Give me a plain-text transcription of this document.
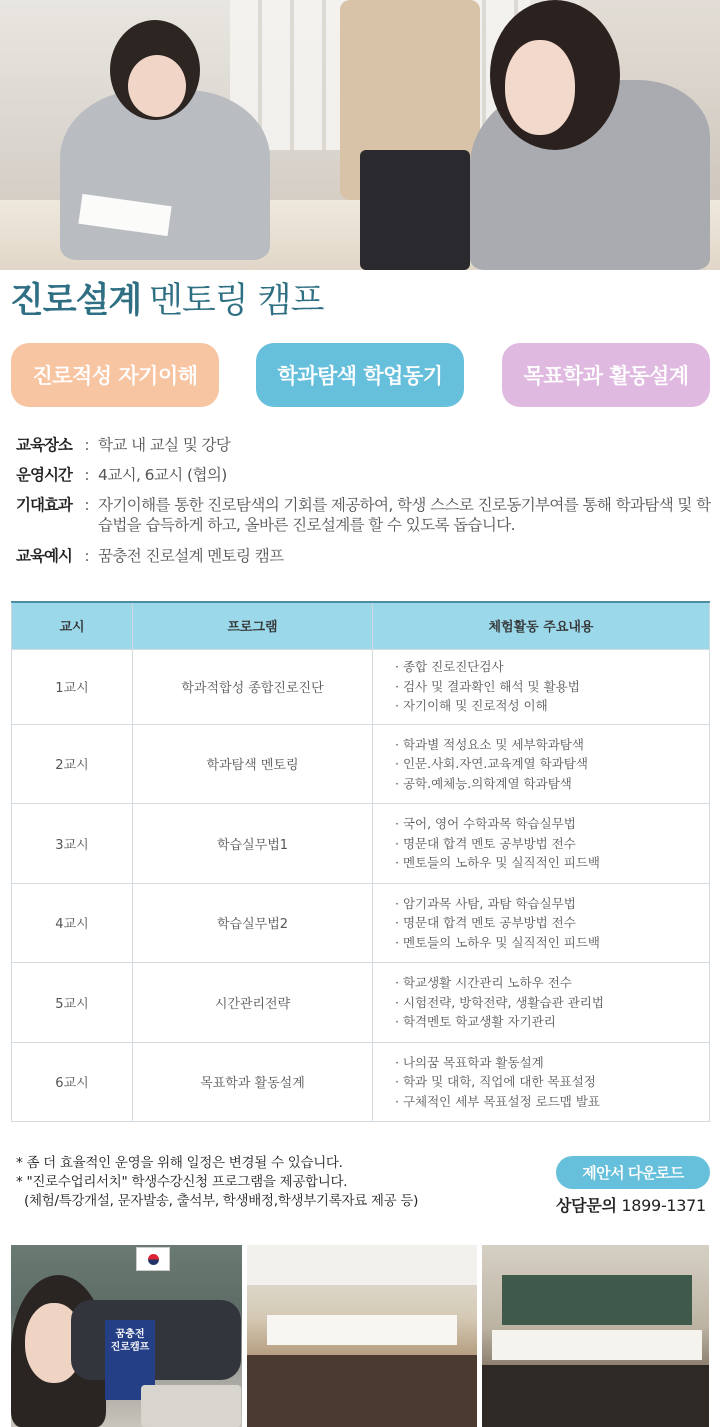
진로설계 멘토링 캠프
진로적성 자기이해	학과탐색 학업동기	목표학과 활동설계
교육장소 : 학교 내 교실 및 강당
운영시간 : 4교시, 6교시 (협의)
기대효과 : 자기이해를 통한 진로탐색의 기회를 제공하여, 학생 스스로 진로동기부여를 통해 학과탐색 및 학습법을 습득하게 하고, 올바른 진로설계를 할 수 있도록 돕습니다.
교육예시 : 꿈충전 진로설계 멘토링 캠프
교시	프로그램	체험활동 주요내용
1교시	학과적합성 종합진로진단	· 종합 진로진단검사
· 검사 및 결과확인 해석 및 활용법
· 자기이해 및 진로적성 이해

2교시	학과탐색 멘토링	· 학과별 적성요소 및 세부학과탐색
· 인문.사회.자연.교육계열 학과탐색
· 공학.예체능.의학계열 학과탐색

3교시	학습실무법1	· 국어, 영어 수학과목 학습실무법
· 명문대 합격 멘토 공부방법 전수
· 멘토들의 노하우 및 실직적인 피드백

4교시	학습실무법2	· 암기과목 사탐, 과탐 학습실무법
· 명문대 합격 멘토 공부방법 전수
· 멘토들의 노하우 및 실직적인 피드백

5교시	시간관리전략	· 학교생활 시간관리 노하우 전수
· 시험전략, 방학전략, 생활습관 관리법
· 학격멘토 학교생활 자기관리

6교시	목표학과 활동설계	· 나의꿈 목표학과 활동설계
· 학과 및 대학, 직업에 대한 목표설정
· 구체적인 세부 목표설정 로드맵 발표
* 좀 더 효율적인 운영을 위해 일정은 변경될 수 있습니다.
* "진로수업리서치" 학생수강신청 프로그램을 제공합니다.
(체험/특강개설, 문자발송, 출석부, 학생배정,학생부기록자료 제공 등)
제안서 다운로드
상담문의 1899-1371
꿈충전
진로캠프
